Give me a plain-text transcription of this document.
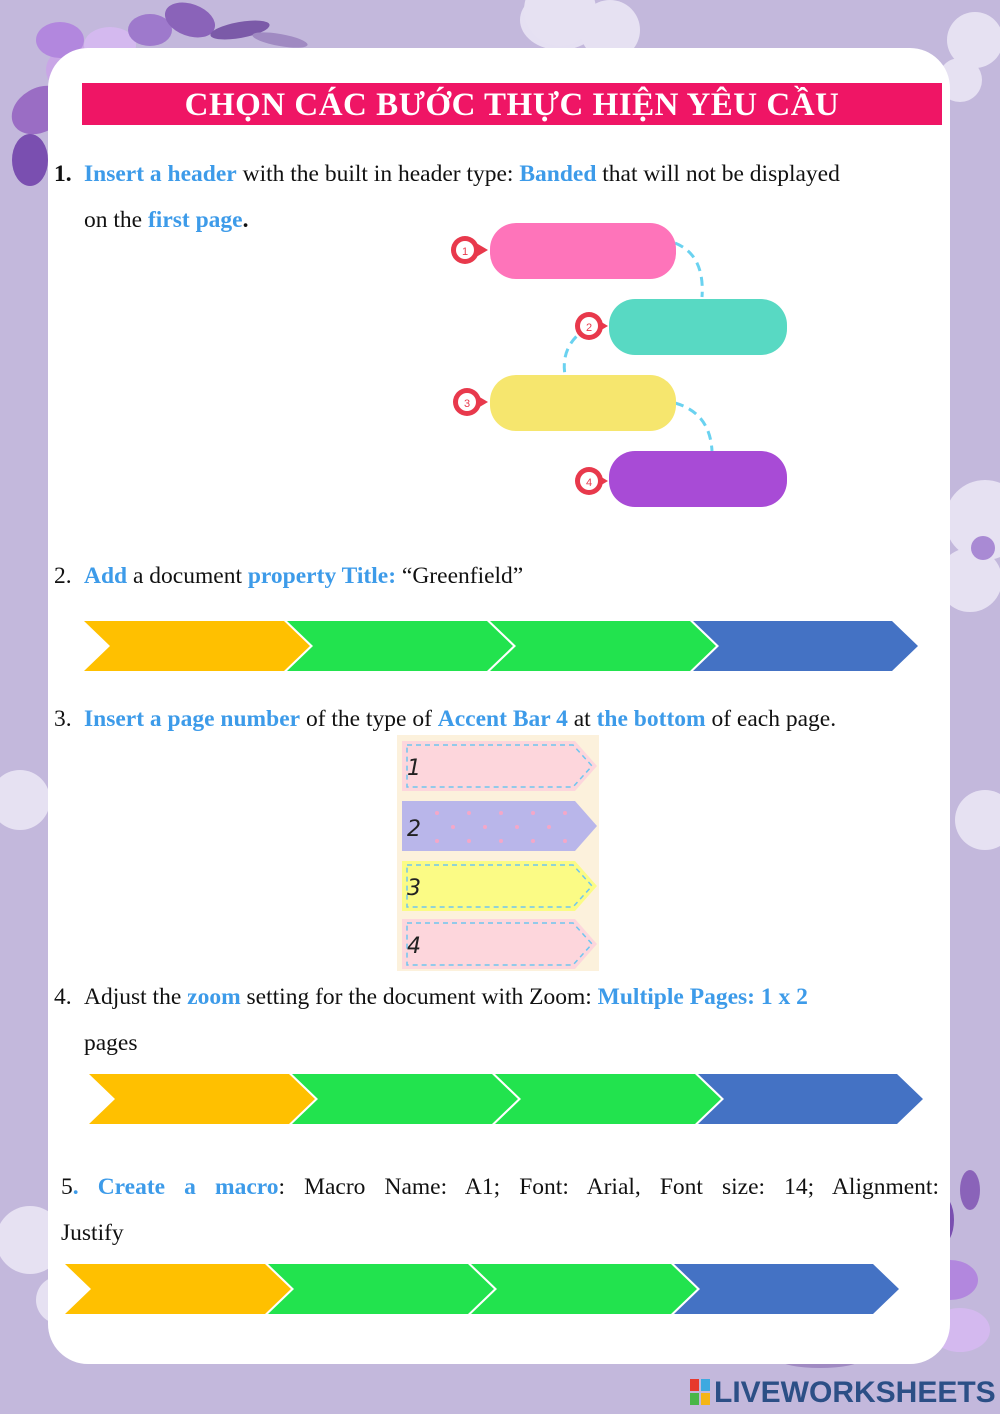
CHỌN CÁC BƯỚC THỰC HIỆN YÊU CẦU
1. Insert a header with the built in header type: Banded that will not be displayed
on the first page.
1
2
3
4
2. Add a document property Title: “Greenfield”
3. Insert a page number of the type of Accent Bar 4 at the bottom of each page.
1
2
3
4
4. Adjust the zoom setting for the document with Zoom: Multiple Pages: 1 x 2
pages
5. Create a macro: Macro Name: A1; Font: Arial, Font size: 14; Alignment:
Justify
LIVEWORKSHEETS
